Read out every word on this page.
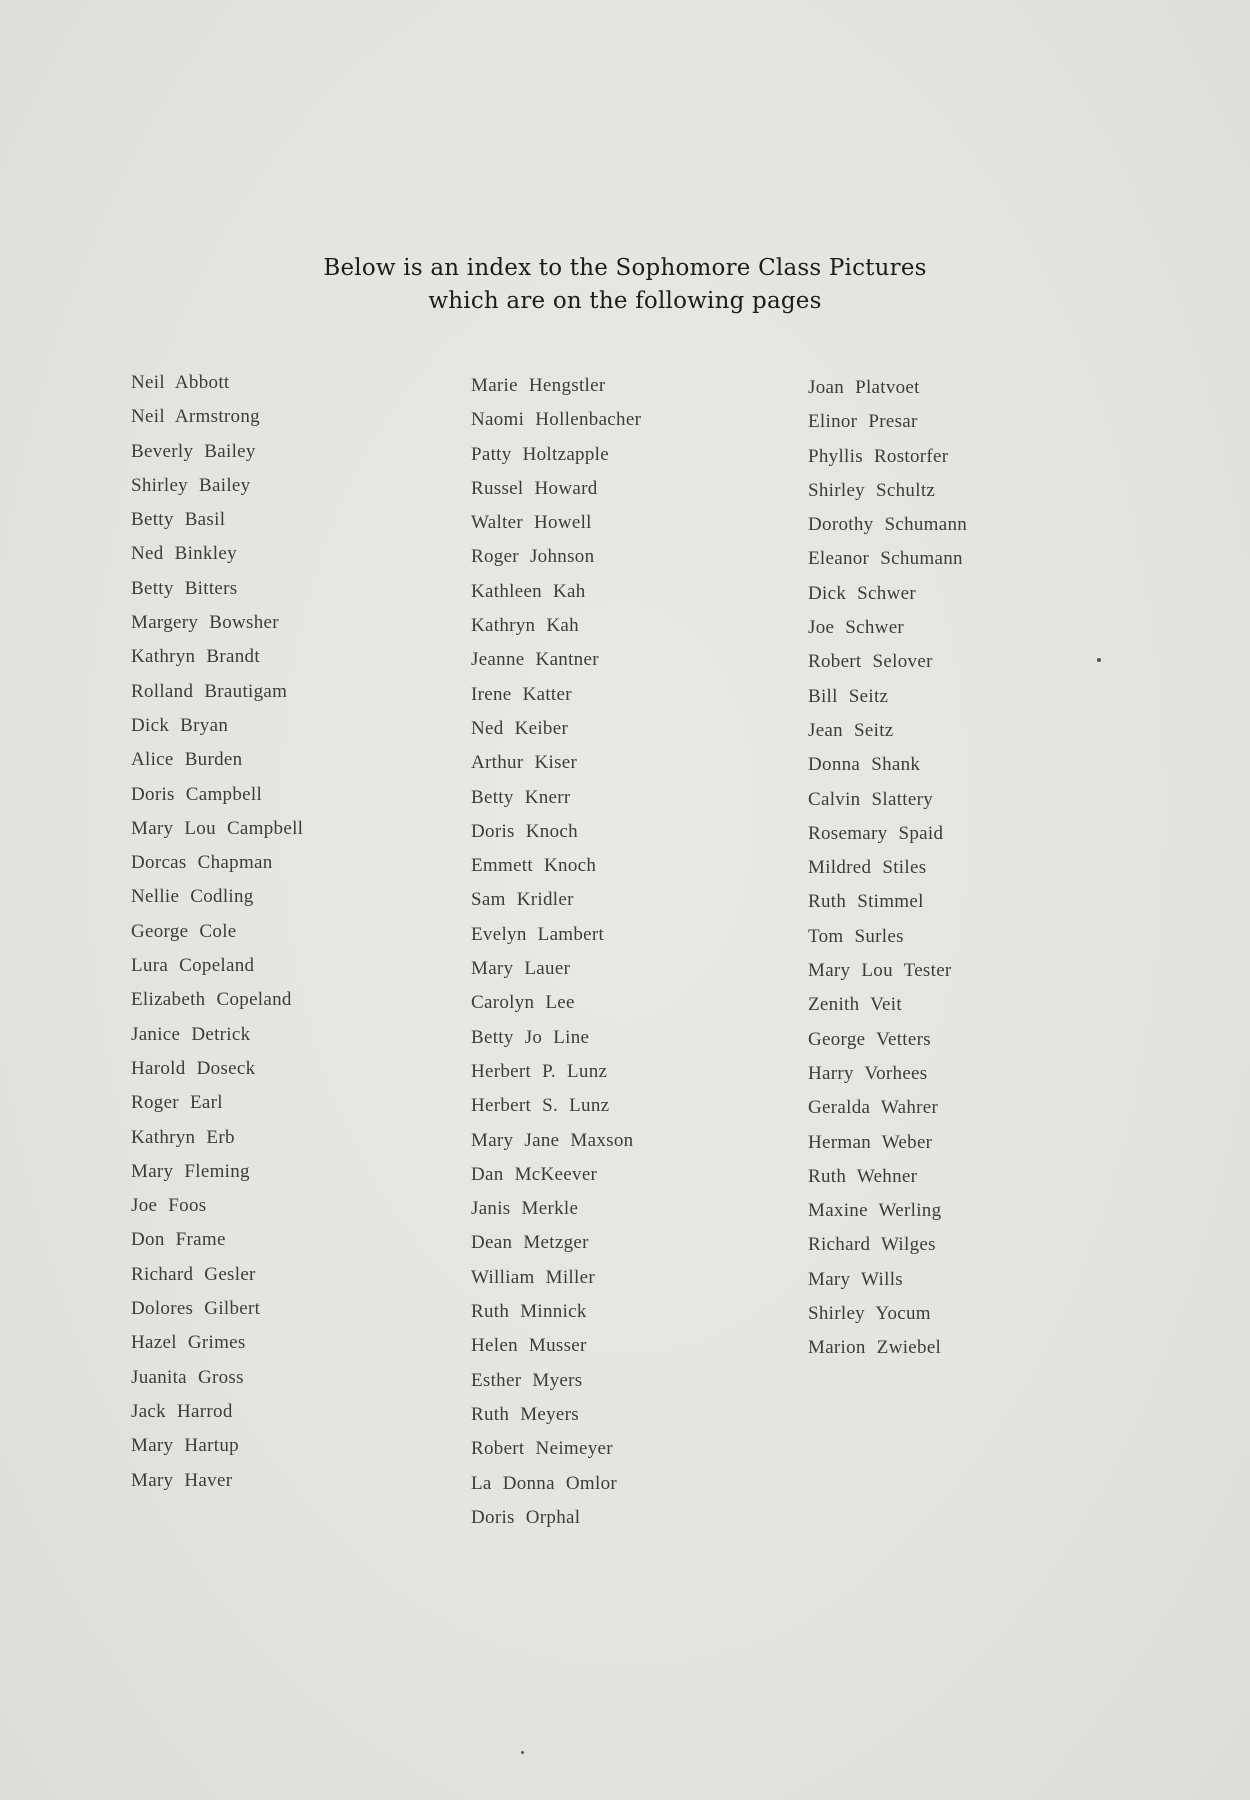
Below is an index to the Sophomore Class Pictures
which are on the following pages
Neil Abbott
Neil Armstrong
Beverly Bailey
Shirley Bailey
Betty Basil
Ned Binkley
Betty Bitters
Margery Bowsher
Kathryn Brandt
Rolland Brautigam
Dick Bryan
Alice Burden
Doris Campbell
Mary Lou Campbell
Dorcas Chapman
Nellie Codling
George Cole
Lura Copeland
Elizabeth Copeland
Janice Detrick
Harold Doseck
Roger Earl
Kathryn Erb
Mary Fleming
Joe Foos
Don Frame
Richard Gesler
Dolores Gilbert
Hazel Grimes
Juanita Gross
Jack Harrod
Mary Hartup
Mary Haver
Marie Hengstler
Naomi Hollenbacher
Patty Holtzapple
Russel Howard
Walter Howell
Roger Johnson
Kathleen Kah
Kathryn Kah
Jeanne Kantner
Irene Katter
Ned Keiber
Arthur Kiser
Betty Knerr
Doris Knoch
Emmett Knoch
Sam Kridler
Evelyn Lambert
Mary Lauer
Carolyn Lee
Betty Jo Line
Herbert P. Lunz
Herbert S. Lunz
Mary Jane Maxson
Dan McKeever
Janis Merkle
Dean Metzger
William Miller
Ruth Minnick
Helen Musser
Esther Myers
Ruth Meyers
Robert Neimeyer
La Donna Omlor
Doris Orphal
Joan Platvoet
Elinor Presar
Phyllis Rostorfer
Shirley Schultz
Dorothy Schumann
Eleanor Schumann
Dick Schwer
Joe Schwer
Robert Selover
Bill Seitz
Jean Seitz
Donna Shank
Calvin Slattery
Rosemary Spaid
Mildred Stiles
Ruth Stimmel
Tom Surles
Mary Lou Tester
Zenith Veit
George Vetters
Harry Vorhees
Geralda Wahrer
Herman Weber
Ruth Wehner
Maxine Werling
Richard Wilges
Mary Wills
Shirley Yocum
Marion Zwiebel
